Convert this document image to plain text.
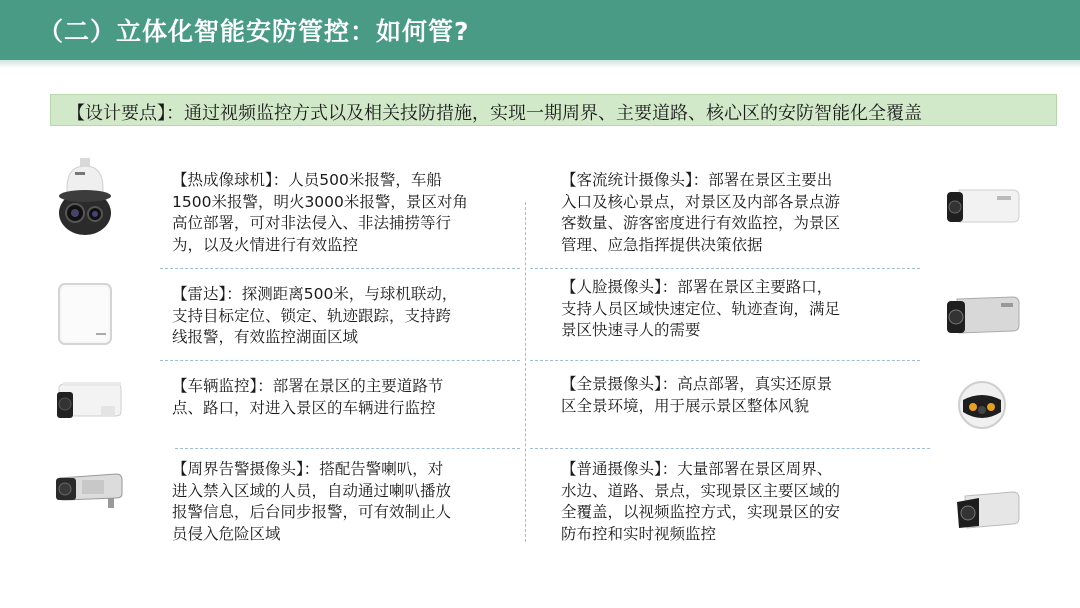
（二）立体化智能安防管控：如何管?
【设计要点】：通过视频监控方式以及相关技防措施，实现一期周界、主要道路、核心区的安防智能化全覆盖
【热成像球机】：人员500米报警，车船
1500米报警，明火3000米报警，景区对角
高位部署，可对非法侵入、非法捕捞等行
为，以及火情进行有效监控
【雷达】：探测距离500米，与球机联动，
支持目标定位、锁定、轨迹跟踪，支持跨
线报警，有效监控湖面区域
【车辆监控】：部署在景区的主要道路节
点、路口，对进入景区的车辆进行监控
【周界告警摄像头】：搭配告警喇叭，对
进入禁入区域的人员，自动通过喇叭播放
报警信息，后台同步报警，可有效制止人
员侵入危险区域
【客流统计摄像头】：部署在景区主要出
入口及核心景点，对景区及内部各景点游
客数量、游客密度进行有效监控，为景区
管理、应急指挥提供决策依据
【人脸摄像头】：部署在景区主要路口，
支持人员区域快速定位、轨迹查询，满足
景区快速寻人的需要
【全景摄像头】：高点部署，真实还原景
区全景环境，用于展示景区整体风貌
【普通摄像头】：大量部署在景区周界、
水边、道路、景点，实现景区主要区域的
全覆盖，以视频监控方式，实现景区的安
防布控和实时视频监控
